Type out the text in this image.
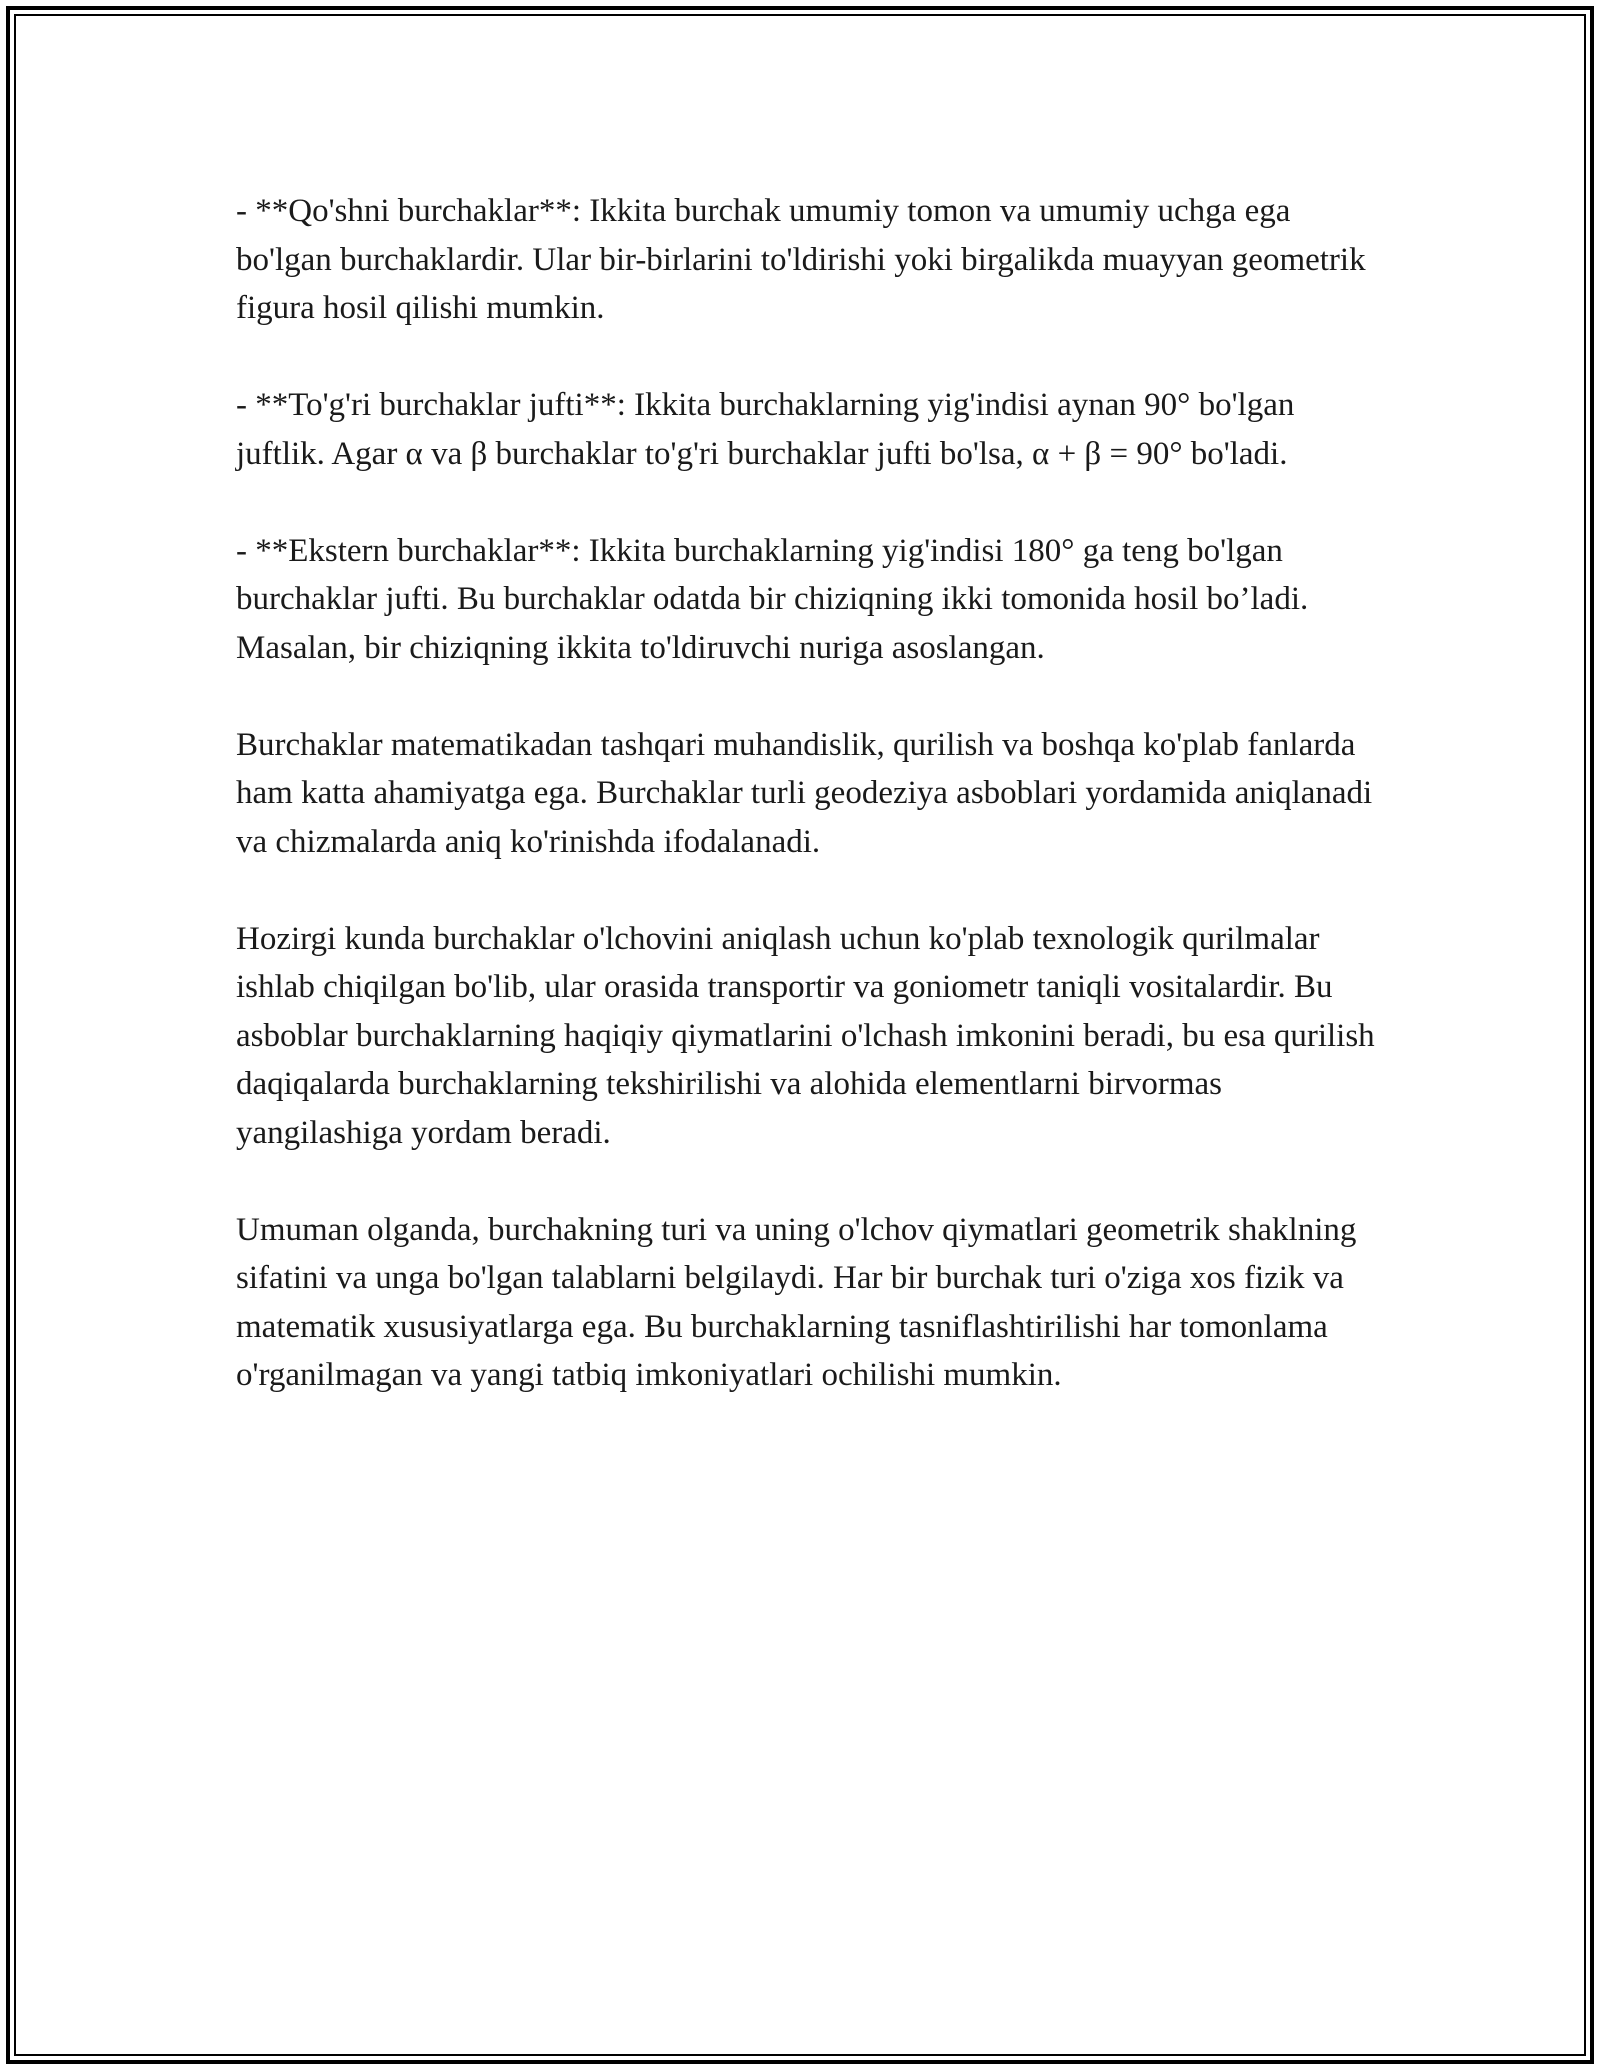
- **Qo'shni burchaklar**: Ikkita burchak umumiy tomon va umumiy uchga ega bo'lgan burchaklardir. Ular bir-birlarini to'ldirishi yoki birgalikda muayyan geometrik figura hosil qilishi mumkin.

- **To'g'ri burchaklar jufti**: Ikkita burchaklarning yig'indisi aynan 90° bo'lgan juftlik. Agar α va β burchaklar to'g'ri burchaklar jufti bo'lsa, α + β = 90° bo'ladi.

- **Ekstern burchaklar**: Ikkita burchaklarning yig'indisi 180° ga teng bo'lgan burchaklar jufti. Bu burchaklar odatda bir chiziqning ikki tomonida hosil bo’ladi. Masalan, bir chiziqning ikkita to'ldiruvchi nuriga asoslangan.

Burchaklar matematikadan tashqari muhandislik, qurilish va boshqa ko'plab fanlarda ham katta ahamiyatga ega. Burchaklar turli geodeziya asboblari yordamida aniqlanadi va chizmalarda aniq ko'rinishda ifodalanadi.

Hozirgi kunda burchaklar o'lchovini aniqlash uchun ko'plab texnologik qurilmalar ishlab chiqilgan bo'lib, ular orasida transportir va goniometr taniqli vositalardir. Bu asboblar burchaklarning haqiqiy qiymatlarini o'lchash imkonini beradi, bu esa qurilish daqiqalarda burchaklarning tekshirilishi va alohida elementlarni birvormas yangilashiga yordam beradi.

Umuman olganda, burchakning turi va uning o'lchov qiymatlari geometrik shaklning sifatini va unga bo'lgan talablarni belgilaydi. Har bir burchak turi o'ziga xos fizik va matematik xususiyatlarga ega. Bu burchaklarning tasniflashtirilishi har tomonlama o'rganilmagan va yangi tatbiq imkoniyatlari ochilishi mumkin.
